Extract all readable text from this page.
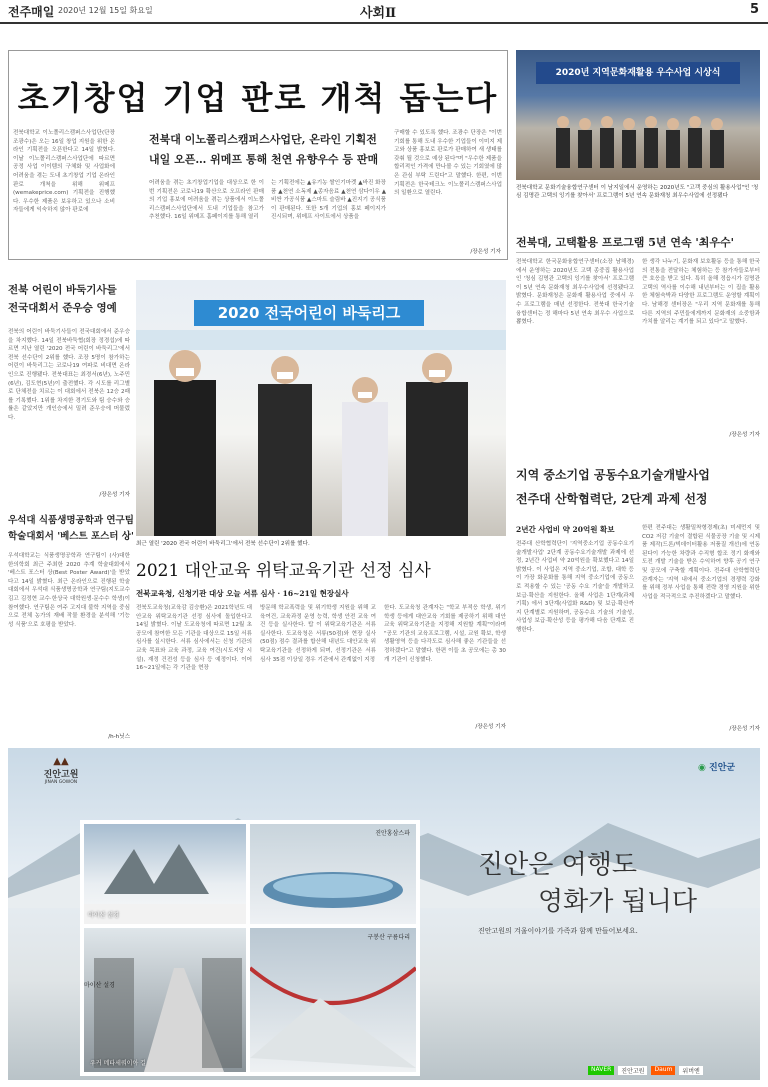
전주매일 2020년 12월 15일 화요일	사회Ⅱ	5
초기창업 기업 판로 개척 돕는다
전북대학교 이노폴리스캠퍼스사업단(단장 조광수)은 오는 16일 창업 지원을 위한 온라인 기획전을 오픈한다고 14일 밝혔다. 이날 이노폴리스캠퍼스사업단에 따르면 공정 사업 이이템의 구체화 및 사업화에 어려움을 겪는 도내 초기창업 기업 온라인 판로 개척을 위해 위메프(wemakeprice.com) 기획전을 진행했다. 우수한 제품은 보유하고 있으나 소비자들에게 익숙하지 않아 판로에
전북대 이노폴리스캠퍼스사업단, 온라인 기획전
내일 오픈… 위메프 통해 천연 유향우수 등 판매
어려움을 겪는 초기창업기업을 대상으로 한 이번 기획전은 코로나19 확산으로 오프라인 판매의 기업 홍보에 어려움을 겪는 상품에서 이노폴리스캠퍼스사업단에서 도내 기업들을 참고가 추천했다. 16일 위메프 홈페이지를 통해 열리
는 기획전에는 ▲유기농 쌀인기마켓 ▲바진 화장품 ▲천연 소독제 ▲종자음료 ▲천연 삼다이우 ▲비싼 가공식품 ▲스마트 슬림바 ▲진지기 공식품이 판매된다. 또한 5개 기업의 홍보 페이지가 진시되며, 위메프 사이트에서 상품을
구매할 수 있도록 했다. 조광수 단장은 "이번 기회를 통해 도내 우수한 기업들이 이미지 제고와 상품 홍보로 판로가 판매하여 새 생태를 갖춰 될 것으로 예상 된다"며 "우수한 제품을 합리적인 가격에 만나볼 수 있는 기회였에 많은 관심 부탁 드린다"고 말했다. 한편, 이번 기획전은 한국테크노 이노폴리스캠퍼스사업의 일환으로 열린다.
/장은성 기자
2020년 지역문화재활용 우수사업 시상식
전북대학교 문화기술융합연구센터 이 남지일에서 운영하는 2020년도 "고객 중심의 활용사업"인 '청심 김명관 고택의 잉기를 찾아서' 프로그램이 5년 연속 문화재청 최우수사업에 선정됐다
전북대, 고택활용 프로그램 5년 연속 '최우수'
전북대학교 한국문화융합연구센터(소장 남해경)에서 운영하는 2020년도 고택 종중집 활용사업인 '청심 김명관 고택의 잉기를 찾아서' 프로그램이 5년 연속 문화재청 최우수사업에 선정됐다고 밝혔다. 문화재청은 문화재 활용사업 중에서 우수 프로그램을 매년 선정한다. 전북대 한국기술융합센터는 정 해마다 5년 연속 최우수 사업으로 뽑혔다.
한 생각 나누기, 문화재 보호활동 등을 통해 한국의 전통을 전달하는 체험하는 등 참가자들로부터 큰 호응을 받고 있다. 특히 올해 정읍시가 김명관 고택의 역사를 이수해 내년부터는 이 집을 활용한 체험숙박과 다양한 프로그램도 운영할 계획이다. 남해경 센터장은 "우리 지역 문화재를 통해 다른 지역의 주민들에게까지 문화재의 소중함과 가치를 알리는 계기를 되고 있다"고 말했다.
/장은성 기자
전북 어린이 바둑기사들
전국대회서 준우승 영예
전북의 어린이 바둑기사들이 전국대회에서 준우승을 차지했다. 14일 전북바둑협(회장 정경섭)에 따르면 지난 열린 '2020 전국 어린이 바둑리그'에서 전북 선수단이 2위를 했다. 조장 5명이 참가하는 어린이 바둑리그는 코로나19 여파로 비대면 온라인으로 진행됐다. 전북대표는 최경서(6년), 노주민(6년), 김도현(5년)이 출전했다. 각 시도를 리그별로 단체전을 치르는 이 대회에서 전북은 12승 2패를 기록했다. 1위를 차지한 경기도와 팀 승수와 승률은 같았지만 개인승에서 밀려 준우승에 머물렀다.
/장은성 기자
2020 전국어린이 바둑리그
최근 열린 '2020 전국 어린이 바둑리그'에서 전북 선수단이 2위를 했다.
우석대 식품생명공학과 연구팀
학술대회서 '베스트 포스터 상'
우석대학교는 식품생명공학과 연구팀이 (사)대한한의학회 최근 주최한 2020 추계 학술대회에서 '베스트 포스터 상(Best Poster Award)'을 받았다고 14일 밝혔다. 최근 온라인으로 진행된 학술대회에서 우석대 식품생명공학과 연구팀(지도교수 김고 김정현 교수·한상국 대학원생·문수수 학생)이 참여했다. 연구팀은 여주 고지대 불학 지역을 중심으로 전체 농가의 재배 작물 환경을 분석해 '기능성 식품'으로 호평을 받았다.
/h-h닛스
2021 대안교육 위탁교육기관 선정 심사
전북교육청, 신청기관 대상 오늘 서류 심사 · 16~21일 현장실사
전북도교육청(교육감 김승환)은 2021학년도 대안교육 위탁교육기관 선정 심사에 돌입한다고 14일 밝혔다. 이날 도교육청에 따르면 12월 초 공모에 참여한 모든 기관을 대상으로 15일 서류심사를 실시한다. 서류 심사에서는 신청 기관의 교육 목표와 교육 과정, 교육 여건(시도지당 시설), 재정 건전성 등을 심사 등 예정이다. 이어 16~21일에는 각 기관을 현장
방문해 학교폭력을 및 위기학생 지원을 위해 교육여건, 교육과정 운영 능력, 학생 안전 교육 여건 등을 실사한다. 탑 이 위탁교육기관은 서류 실사한다. 도교육청은 서류(50점)와 현장 실사(50점) 점수 결과를 합산해 내년도 대안교육 위탁교육기관을 선정하게 되며, 선정기관은 서류심사 35점 이상일 경우 기관에서 관계없이 지정
한다. 도교육청 관계자는 "학교 부적응 학생, 위기학생 등에게 대안교육 기회를 제공하기 위해 대안교육 위탁교육기관을 지정해 지원할 계획"이라며 "공모 기관의 교육프로그램, 시설, 교원 확보, 학생 생활영역 등을 다각도로 심사해 좋은 기관들을 선정하겠다"고 말했다. 한편 이들 초 공모에는 총 30개 기관이 신청했다.
/장은성 기자
지역 중소기업 공동수요기술개발사업
전주대 산학협력단, 2단계 과제 선정
2년간 사업비 약 20억원 확보
전주대 산학협력단이 '지역중소기업 공동수요기술개발사업' 2단계 공동수요기술개발 과제에 선정, 2년간 사업비 약 20억원을 확보했다고 14일 밝혔다. 이 사업은 지역 중소기업, 조합, 대학 등이 가장 화문화를 통해 지역 중소기업에 공동으로 적용할 수 있는 '공동 수요 기술'을 개발하고 보급·확산을 지원한다. 올해 사업은 1단계(과제기획) 에서 3단계(사업화 R&D) 및 보급·확산까지 단계별로 지원하며, 공동수요 기술의 기술성, 사업성 보급·확산성 등을 평가해 다음 단계로 진행한다.
한편 전주대는 생활밀착형경제(초) 미세먼지 및 CO2 저감 기술이 결합된 식물공장 기술 및 시제품 제작(드론/빅데이터활용 저품질 개선)에 연동된다이 가능한 차량과 수직형 합조 정기 화재와 도전 개발 기술을 받은 수익하여 향후 공기 연구 및 공모에 구축할 계획이다. 전주대 산학협력단 관계자는 '지역 내에서 중소기업의 경쟁력 강화를 위해 정부 사업을 통해 전략 경영 지원을 위한 사업을 적극적으로 추진하겠다'고 말했다.
/장은성 기자
▲▲
진안고원
JINAN GOWON
◉ 진안군
마이산 설경
진안홍삼스파
우커 메타세쿼이아 길
구봉산 구름다리
마이산 설경
진안은 여행도
영화가 됩니다
진안고원의 겨울이야기를 가족과 함께 만들어보세요.
NAVER	진안고원	Daum	위버엔
